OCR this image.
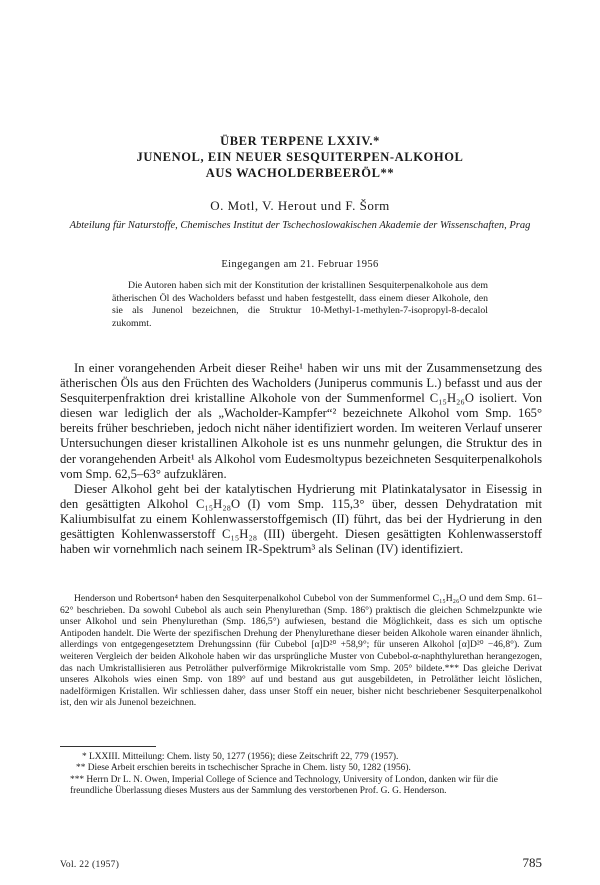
ÜBER TERPENE LXXIV.*
JUNENOL, EIN NEUER SESQUITERPEN-ALKOHOL
AUS WACHOLDERBEERÖL**
O. Motl, V. Herout und F. Šorm
Abteilung für Naturstoffe, Chemisches Institut der Tschechoslowakischen Akademie der Wissenschaften, Prag
Eingegangen am 21. Februar 1956
Die Autoren haben sich mit der Konstitution der kristallinen Sesquiterpenalkohole aus dem ätherischen Öl des Wacholders befasst und haben festgestellt, dass einem dieser Alkohole, den sie als Junenol bezeichnen, die Struktur 10-Methyl-1-methylen-7-isopropyl-8-decalol zukommt.

In einer vorangehenden Arbeit dieser Reihe¹ haben wir uns mit der Zusammensetzung des ätherischen Öls aus den Früchten des Wacholders (Juniperus communis L.) befasst und aus der Sesquiterpenfraktion drei kristalline Alkohole von der Summenformel C₁₅H₂₆O isoliert. Von diesen war lediglich der als „Wacholder-Kampfer“² bezeichnete Alkohol vom Smp. 165° bereits früher beschrieben, jedoch nicht näher identifiziert worden. Im weiteren Verlauf unserer Untersuchungen dieser kristallinen Alkohole ist es uns nunmehr gelungen, die Struktur des in der vorangehenden Arbeit¹ als Alkohol vom Eudesmoltypus bezeichneten Sesquiterpenalkohols vom Smp. 62,5–63° aufzuklären.

Dieser Alkohol geht bei der katalytischen Hydrierung mit Platinkatalysator in Eisessig in den gesättigten Alkohol C₁₅H₂₈O (I) vom Smp. 115,3° über, dessen Dehydratation mit Kaliumbisulfat zu einem Kohlenwasserstoffgemisch (II) führt, das bei der Hydrierung in den gesättigten Kohlenwasserstoff C₁₅H₂₈ (III) übergeht. Diesen gesättigten Kohlenwasserstoff haben wir vornehmlich nach seinem IR-Spektrum³ als Selinan (IV) identifiziert.

Henderson und Robertson⁴ haben den Sesquiterpenalkohol Cubebol von der Summenformel C₁₅H₂₆O und dem Smp. 61–62° beschrieben. Da sowohl Cubebol als auch sein Phenylurethan (Smp. 186°) praktisch die gleichen Schmelzpunkte wie unser Alkohol und sein Phenylurethan (Smp. 186,5°) aufwiesen, bestand die Möglichkeit, dass es sich um optische Antipoden handelt. Die Werte der spezifischen Drehung der Phenylurethane dieser beiden Alkohole waren einander ähnlich, allerdings von entgegengesetztem Drehungssinn (für Cubebol [α]D²⁰ +58,9°; für unseren Alkohol [α]D²⁰ −46,8°). Zum weiteren Vergleich der beiden Alkohole haben wir das ursprüngliche Muster von Cubebol-α-naphthylurethan herangezogen, das nach Umkristallisieren aus Petroläther pulverförmige Mikrokristalle vom Smp. 205° bildete.*** Das gleiche Derivat unseres Alkohols wies einen Smp. von 189° auf und bestand aus gut ausgebildeten, in Petroläther leicht löslichen, nadelförmigen Kristallen. Wir schliessen daher, dass unser Stoff ein neuer, bisher nicht beschriebener Sesquiterpenalkohol ist, den wir als Junenol bezeichnen.

* LXXIII. Mitteilung: Chem. listy 50, 1277 (1956); diese Zeitschrift 22, 779 (1957).

** Diese Arbeit erschien bereits in tschechischer Sprache in Chem. listy 50, 1282 (1956).

*** Herrn Dr L. N. Owen, Imperial College of Science and Technology, University of London, danken wir für die freundliche Überlassung dieses Musters aus der Sammlung des verstorbenen Prof. G. G. Henderson.

Vol. 22 (1957)	785
